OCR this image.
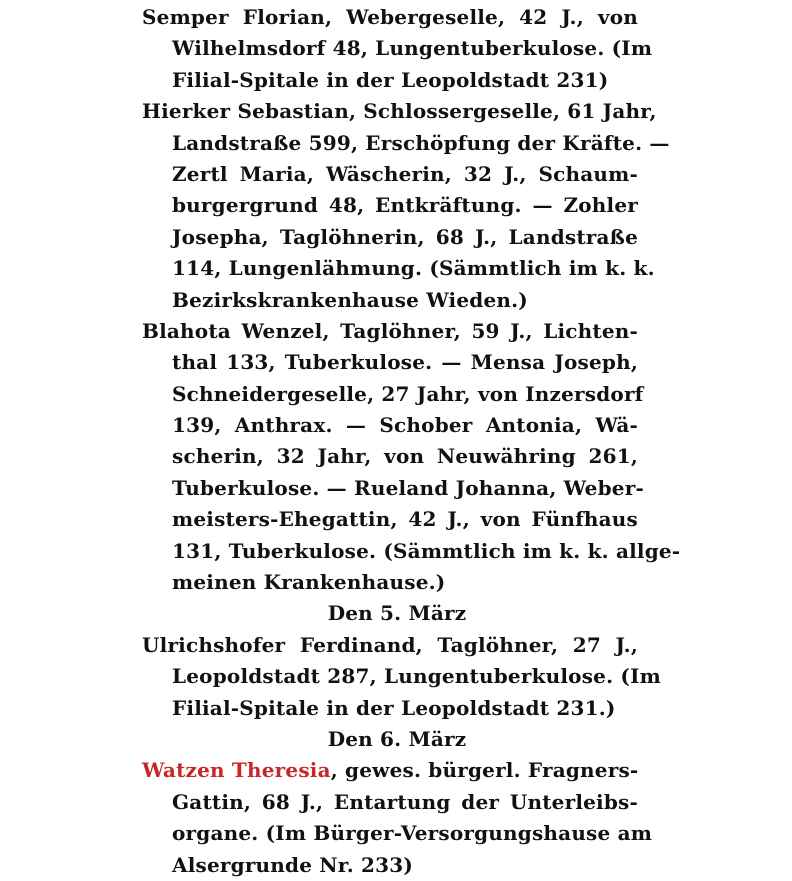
Semper Florian, Webergeselle, 42 J., von
Wilhelmsdorf 48, Lungentuberkulose. (Im
Filial-Spitale in der Leopoldstadt 231)
Hierker Sebastian, Schlossergeselle, 61 Jahr,
Landstraße 599, Erschöpfung der Kräfte. —
Zertl Maria, Wäscherin, 32 J., Schaum-
burgergrund 48, Entkräftung. — Zohler
Josepha, Taglöhnerin, 68 J., Landstraße
114, Lungenlähmung. (Sämmtlich im k. k.
Bezirkskrankenhause Wieden.)
Blahota Wenzel, Taglöhner, 59 J., Lichten-
thal 133, Tuberkulose. — Mensa Joseph,
Schneidergeselle, 27 Jahr, von Inzersdorf
139, Anthrax. — Schober Antonia, Wä-
scherin, 32 Jahr, von Neuwähring 261,
Tuberkulose. — Rueland Johanna, Weber-
meisters-Ehegattin, 42 J., von Fünfhaus
131, Tuberkulose. (Sämmtlich im k. k. allge-
meinen Krankenhause.)
Den 5. März
Ulrichshofer Ferdinand, Taglöhner, 27 J.,
Leopoldstadt 287, Lungentuberkulose. (Im
Filial-Spitale in der Leopoldstadt 231.)
Den 6. März
Watzen Theresia, gewes. bürgerl. Fragners-
Gattin, 68 J., Entartung der Unterleibs-
organe. (Im Bürger-Versorgungshause am
Alsergrunde Nr. 233)
